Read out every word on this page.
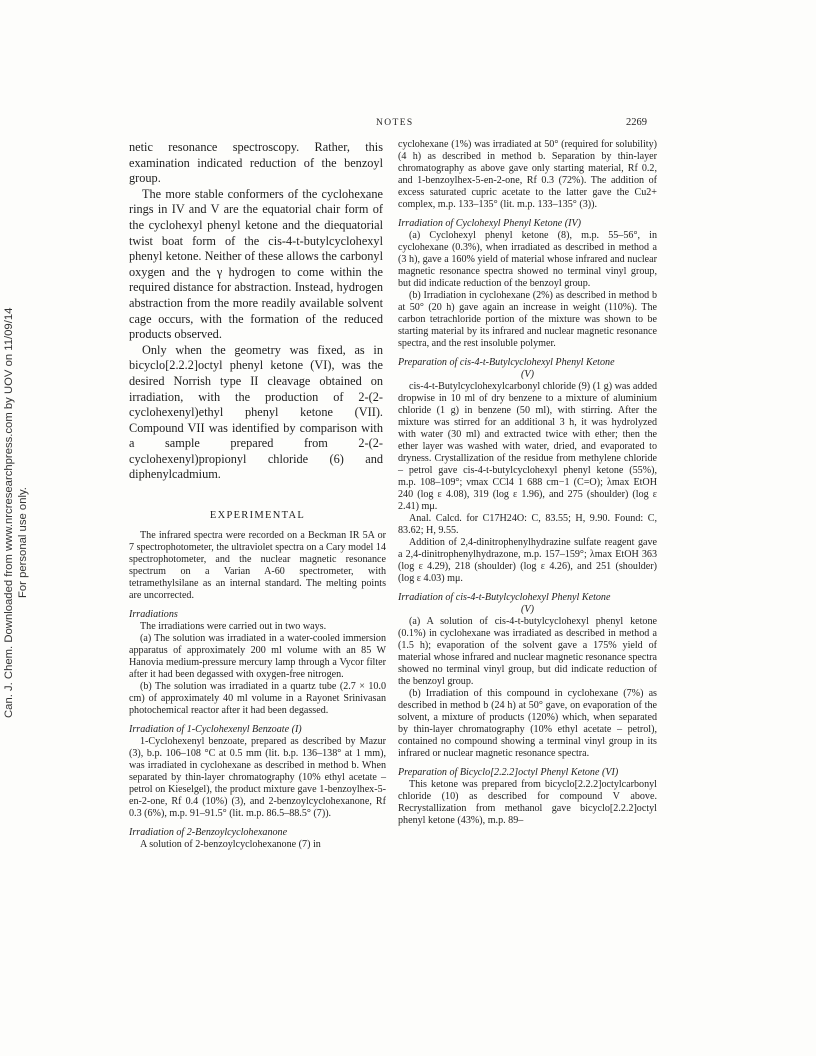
Can. J. Chem. Downloaded from www.nrcresearchpress.com by UOV on 11/09/14 For personal use only.
NOTES	2269

netic resonance spectroscopy. Rather, this examination indicated reduction of the benzoyl group.

The more stable conformers of the cyclohexane rings in IV and V are the equatorial chair form of the cyclohexyl phenyl ketone and the diequatorial twist boat form of the cis-4-t-butylcyclohexyl phenyl ketone. Neither of these allows the carbonyl oxygen and the γ hydrogen to come within the required distance for abstraction. Instead, hydrogen abstraction from the more readily available solvent cage occurs, with the formation of the reduced products observed.

Only when the geometry was fixed, as in bicyclo[2.2.2]octyl phenyl ketone (VI), was the desired Norrish type II cleavage obtained on irradiation, with the production of 2-(2-cyclohexenyl)ethyl phenyl ketone (VII). Compound VII was identified by comparison with a sample prepared from 2-(2-cyclohexenyl)propionyl chloride (6) and diphenylcadmium.

EXPERIMENTAL

The infrared spectra were recorded on a Beckman IR 5A or 7 spectrophotometer, the ultraviolet spectra on a Cary model 14 spectrophotometer, and the nuclear magnetic resonance spectrum on a Varian A-60 spectrometer, with tetramethylsilane as an internal standard. The melting points are uncorrected.

Irradiations

The irradiations were carried out in two ways.

(a) The solution was irradiated in a water-cooled immersion apparatus of approximately 200 ml volume with an 85 W Hanovia medium-pressure mercury lamp through a Vycor filter after it had been degassed with oxygen-free nitrogen.

(b) The solution was irradiated in a quartz tube (2.7 × 10.0 cm) of approximately 40 ml volume in a Rayonet Srinivasan photochemical reactor after it had been degassed.

Irradiation of 1-Cyclohexenyl Benzoate (I)

1-Cyclohexenyl benzoate, prepared as described by Mazur (3), b.p. 106–108 °C at 0.5 mm (lit. b.p. 136–138° at 1 mm), was irradiated in cyclohexane as described in method b. When separated by thin-layer chromatography (10% ethyl acetate – petrol on Kieselgel), the product mixture gave 1-benzoylhex-5-en-2-one, Rf 0.4 (10%) (3), and 2-benzoylcyclohexanone, Rf 0.3 (6%), m.p. 91–91.5° (lit. m.p. 86.5–88.5° (7)).

Irradiation of 2-Benzoylcyclohexanone

A solution of 2-benzoylcyclohexanone (7) in

cyclohexane (1%) was irradiated at 50° (required for solubility) (4 h) as described in method b. Separation by thin-layer chromatography as above gave only starting material, Rf 0.2, and 1-benzoylhex-5-en-2-one, Rf 0.3 (72%). The addition of excess saturated cupric acetate to the latter gave the Cu2+ complex, m.p. 133–135° (lit. m.p. 133–135° (3)).

Irradiation of Cyclohexyl Phenyl Ketone (IV)

(a) Cyclohexyl phenyl ketone (8), m.p. 55–56°, in cyclohexane (0.3%), when irradiated as described in method a (3 h), gave a 160% yield of material whose infrared and nuclear magnetic resonance spectra showed no terminal vinyl group, but did indicate reduction of the benzoyl group.

(b) Irradiation in cyclohexane (2%) as described in method b at 50° (20 h) gave again an increase in weight (110%). The carbon tetrachloride portion of the mixture was shown to be starting material by its infrared and nuclear magnetic resonance spectra, and the rest insoluble polymer.

Preparation of cis-4-t-Butylcyclohexyl Phenyl Ketone

(V)

cis-4-t-Butylcyclohexylcarbonyl chloride (9) (1 g) was added dropwise in 10 ml of dry benzene to a mixture of aluminium chloride (1 g) in benzene (50 ml), with stirring. After the mixture was stirred for an additional 3 h, it was hydrolyzed with water (30 ml) and extracted twice with ether; then the ether layer was washed with water, dried, and evaporated to dryness. Crystallization of the residue from methylene chloride – petrol gave cis-4-t-butylcyclohexyl phenyl ketone (55%), m.p. 108–109°; νmax CCl4 1 688 cm−1 (C=O); λmax EtOH 240 (log ε 4.08), 319 (log ε 1.96), and 275 (shoulder) (log ε 2.41) mμ.

Anal. Calcd. for C17H24O: C, 83.55; H, 9.90. Found: C, 83.62; H, 9.55.

Addition of 2,4-dinitrophenylhydrazine sulfate reagent gave a 2,4-dinitrophenylhydrazone, m.p. 157–159°; λmax EtOH 363 (log ε 4.29), 218 (shoulder) (log ε 4.26), and 251 (shoulder) (log ε 4.03) mμ.

Irradiation of cis-4-t-Butylcyclohexyl Phenyl Ketone

(V)

(a) A solution of cis-4-t-butylcyclohexyl phenyl ketone (0.1%) in cyclohexane was irradiated as described in method a (1.5 h); evaporation of the solvent gave a 175% yield of material whose infrared and nuclear magnetic resonance spectra showed no terminal vinyl group, but did indicate reduction of the benzoyl group.

(b) Irradiation of this compound in cyclohexane (7%) as described in method b (24 h) at 50° gave, on evaporation of the solvent, a mixture of products (120%) which, when separated by thin-layer chromatography (10% ethyl acetate – petrol), contained no compound showing a terminal vinyl group in its infrared or nuclear magnetic resonance spectra.

Preparation of Bicyclo[2.2.2]octyl Phenyl Ketone (VI)

This ketone was prepared from bicyclo[2.2.2]octylcarbonyl chloride (10) as described for compound V above. Recrystallization from methanol gave bicyclo[2.2.2]octyl phenyl ketone (43%), m.p. 89–
